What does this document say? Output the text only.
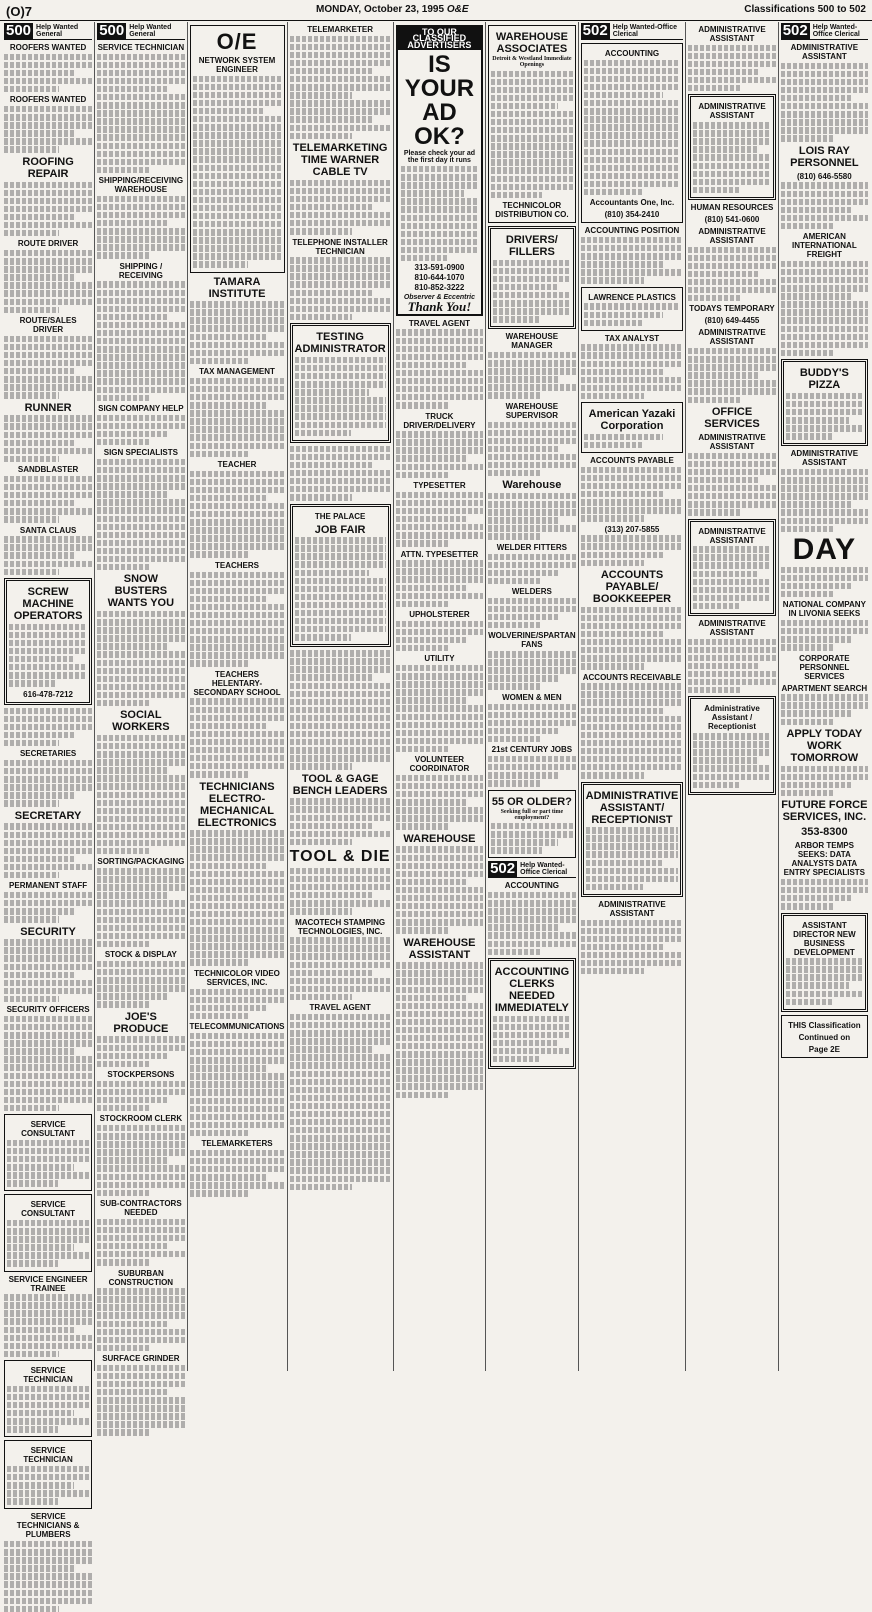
(O)7	MONDAY, October 23, 1995 O&E	Classifications 500 to 502
500 Help Wanted General
ROOFERS WANTED
ROOFERS WANTED
ROOFING REPAIR
ROUTE DRIVER
ROUTE/SALES DRIVER
RUNNER
SANDBLASTER
SANTA CLAUS
SCREW MACHINE OPERATORS
616-478-7212
SECRETARIES
SECRETARY
PERMANENT STAFF
SECURITY
SECURITY OFFICERS
SERVICE CONSULTANT
SERVICE CONSULTANT
SERVICE ENGINEER TRAINEE
SERVICE TECHNICIAN
SERVICE TECHNICIAN
SERVICE TECHNICIANS & PLUMBERS
500 Help Wanted General
SERVICE TECHNICIAN
SHIPPING/RECEIVING WAREHOUSE
SHIPPING / RECEIVING
SIGN COMPANY HELP
SIGN SPECIALISTS
SNOW BUSTERS WANTS YOU
SOCIAL WORKERS
SORTING/PACKAGING
STOCK & DISPLAY
JOE'S PRODUCE
STOCKPERSONS
STOCKROOM CLERK
SUB-CONTRACTORS NEEDED
SUBURBAN CONSTRUCTION
SURFACE GRINDER
O/E
NETWORK SYSTEM ENGINEER
TAMARA INSTITUTE
TAX MANAGEMENT
TEACHER
TEACHERS
TEACHERS HELENTARY-SECONDARY SCHOOL
TECHNICIANS ELECTRO-MECHANICAL ELECTRONICS
TECHNICOLOR VIDEO SERVICES, INC.
TELECOMMUNICATIONS
TELEMARKETERS
TELEMARKETER
TELEMARKETING TIME WARNER CABLE TV
TELEPHONE INSTALLER TECHNICIAN
TESTING ADMINISTRATOR
THE PALACE
JOB FAIR
TOOL & GAGE BENCH LEADERS
TOOL & DIE
MACOTECH STAMPING TECHNOLOGIES, INC.
TRAVEL AGENT
TO OUR CLASSIFIED ADVERTISERS
IS YOUR AD OK?
Please check your ad the first day it runs
313-591-0900
810-644-1070
810-852-3222
Observer & Eccentric
Thank You!
TRAVEL AGENT
TRUCK DRIVER/DELIVERY
TYPESETTER
ATTN. TYPESETTER
UPHOLSTERER
UTILITY
VOLUNTEER COORDINATOR
WAREHOUSE
WAREHOUSE ASSISTANT
WAREHOUSE ASSOCIATES
Detroit & Westland Immediate Openings
TECHNICOLOR DISTRIBUTION CO.
DRIVERS/ FILLERS
WAREHOUSE MANAGER
WAREHOUSE SUPERVISOR
Warehouse
WELDER FITTERS
WELDERS
WOLVERINE/SPARTAN FANS
WOMEN & MEN
21st CENTURY JOBS
55 OR OLDER?
Seeking full or part time employment?
502 Help Wanted-Office Clerical
ACCOUNTING
ACCOUNTING CLERKS NEEDED IMMEDIATELY
502 Help Wanted-Office Clerical
ACCOUNTING
Accountants One, Inc.
(810) 354-2410
ACCOUNTING POSITION
LAWRENCE PLASTICS
TAX ANALYST
American Yazaki Corporation
ACCOUNTS PAYABLE
(313) 207-5855
ACCOUNTS PAYABLE/ BOOKKEEPER
ACCOUNTS RECEIVABLE
ADMINISTRATIVE ASSISTANT/ RECEPTIONIST
ADMINISTRATIVE ASSISTANT
ADMINISTRATIVE ASSISTANT
ADMINISTRATIVE ASSISTANT
HUMAN RESOURCES
(810) 541-0600
ADMINISTRATIVE ASSISTANT
TODAYS TEMPORARY
(810) 649-4455
ADMINISTRATIVE ASSISTANT
OFFICE SERVICES
ADMINISTRATIVE ASSISTANT
ADMINISTRATIVE ASSISTANT
ADMINISTRATIVE ASSISTANT
Administrative Assistant / Receptionist
502 Help Wanted-Office Clerical
ADMINISTRATIVE ASSISTANT
LOIS RAY PERSONNEL
(810) 646-5580
AMERICAN INTERNATIONAL FREIGHT
BUDDY'S PIZZA
ADMINISTRATIVE ASSISTANT
DAY
NATIONAL COMPANY IN LIVONIA SEEKS
CORPORATE PERSONNEL SERVICES
APARTMENT SEARCH
APPLY TODAY WORK TOMORROW
FUTURE FORCE SERVICES, INC.
353-8300
ARBOR TEMPS SEEKS: DATA ANALYSTS DATA ENTRY SPECIALISTS
ASSISTANT DIRECTOR NEW BUSINESS DEVELOPMENT
THIS Classification
Continued on
Page 2E
